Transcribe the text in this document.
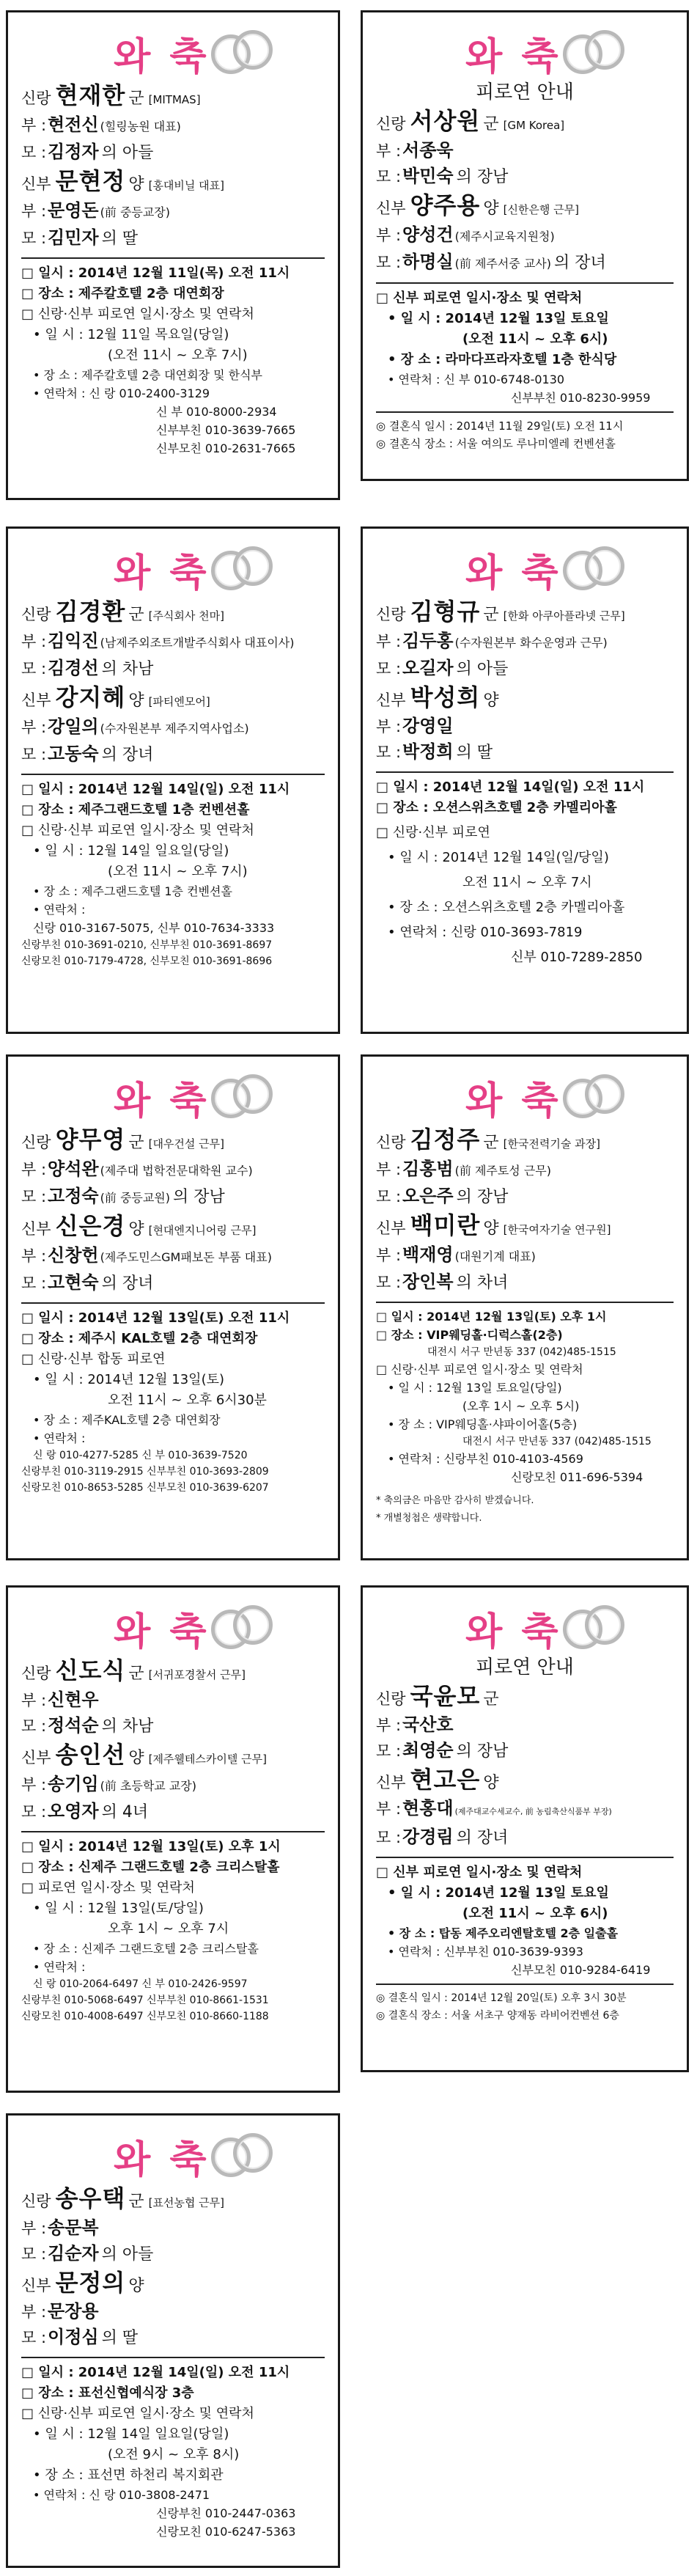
와 축
신랑 현재한 군 [MITMAS]
부 :현전신 (힐링농원 대표)
모 :김정자 의 아들
신부 문현정 양 [홍대비닐 대표]
부 :문영돈 (前 중등교장)
모 :김민자 의 딸
□ 일시 : 2014년 12월 11일(목) 오전 11시
□ 장소 : 제주칼호텔 2층 대연회장
□ 신랑·신부 피로연 일시·장소 및 연락처
• 일 시 : 12월 11일 목요일(당일)
(오전 11시 ~ 오후 7시)
• 장 소 : 제주칼호텔 2층 대연회장 및 한식부
• 연락처 : 신 랑 010-2400-3129
신 부 010-8000-2934
신부부친 010-3639-7665
신부모친 010-2631-7665
와 축
피로연 안내
신랑 서상원 군 [GM Korea]
부 :서종욱
모 :박민숙 의 장남
신부 양주용 양 [신한은행 근무]
부 :양성건 (제주시교육지원청)
모 :하명실 (前 제주서중 교사) 의 장녀
□ 신부 피로연 일시·장소 및 연락처
• 일 시 : 2014년 12월 13일 토요일
(오전 11시 ~ 오후 6시)
• 장 소 : 라마다프라자호텔 1층 한식당
• 연락처 : 신 부 010-6748-0130
신부부친 010-8230-9959
◎ 결혼식 일시 : 2014년 11월 29일(토) 오전 11시
◎ 결혼식 장소 : 서울 여의도 루나미엘레 컨벤션홀
와 축
신랑 김경환 군 [주식회사 천마]
부 :김익진 (남제주외조트개발주식회사 대표이사)
모 :김경선 의 차남
신부 강지혜 양 [파티엔모어]
부 :강일의 (수자원본부 제주지역사업소)
모 :고동숙 의 장녀
□ 일시 : 2014년 12월 14일(일) 오전 11시
□ 장소 : 제주그랜드호텔 1층 컨벤션홀
□ 신랑·신부 피로연 일시·장소 및 연락처
• 일 시 : 12월 14일 일요일(당일)
(오전 11시 ~ 오후 7시)
• 장 소 : 제주그랜드호텔 1층 컨벤션홀
• 연락처 :
신랑 010-3167-5075, 신부 010-7634-3333
신랑부친 010-3691-0210, 신부부친 010-3691-8697
신랑모친 010-7179-4728, 신부모친 010-3691-8696
와 축
신랑 김형규 군 [한화 아쿠아플라넷 근무]
부 :김두홍 (수자원본부 화수운영과 근무)
모 :오길자 의 아들
신부 박성희 양
부 :강영일
모 :박정희 의 딸
□ 일시 : 2014년 12월 14일(일) 오전 11시
□ 장소 : 오션스위츠호텔 2층 카멜리아홀
□ 신랑·신부 피로연
• 일 시 : 2014년 12월 14일(일/당일)
오전 11시 ~ 오후 7시
• 장 소 : 오션스위츠호텔 2층 카멜리아홀
• 연락처 : 신랑 010-3693-7819
신부 010-7289-2850
와 축
신랑 양무영 군 [대우건설 근무]
부 :양석완 (제주대 법학전문대학원 교수)
모 :고정숙 (前 중등교원) 의 장남
신부 신은경 양 [현대엔지니어링 근무]
부 :신창헌 (제주도민스GM패보돈 부품 대표)
모 :고현숙 의 장녀
□ 일시 : 2014년 12월 13일(토) 오전 11시
□ 장소 : 제주시 KAL호텔 2층 대연회장
□ 신랑·신부 합동 피로연
• 일 시 : 2014년 12월 13일(토)
오전 11시 ~ 오후 6시30분
• 장 소 : 제주KAL호텔 2층 대연회장
• 연락처 :
신 랑 010-4277-5285 신 부 010-3639-7520
신랑부친 010-3119-2915 신부부친 010-3693-2809
신랑모친 010-8653-5285 신부모친 010-3639-6207
와 축
신랑 김정주 군 [한국전력기술 과장]
부 :김홍범 (前 제주토성 근무)
모 :오은주 의 장남
신부 백미란 양 [한국여자기술 연구원]
부 :백재영 (대원기계 대표)
모 :장인복 의 차녀
□ 일시 : 2014년 12월 13일(토) 오후 1시
□ 장소 : VIP웨딩홀·디럭스홀(2층)
대전시 서구 만년동 337 (042)485-1515
□ 신랑·신부 피로연 일시·장소 및 연락처
• 일 시 : 12월 13일 토요일(당일)
(오후 1시 ~ 오후 5시)
• 장 소 : VIP웨딩홀·샤파이어홀(5층)
대전시 서구 만년동 337 (042)485-1515
• 연락처 : 신랑부친 010-4103-4569
신랑모친 011-696-5394
* 축의금은 마음만 감사히 받겠습니다.
* 개별청첩은 생략합니다.
와 축
신랑 신도식 군 [서귀포경찰서 근무]
부 :신현우
모 :정석순 의 차남
신부 송인선 양 [제주웰테스카이텔 근무]
부 :송기임 (前 초등학교 교장)
모 :오영자 의 4녀
□ 일시 : 2014년 12월 13일(토) 오후 1시
□ 장소 : 신제주 그랜드호텔 2층 크리스탈홀
□ 피로연 일시·장소 및 연락처
• 일 시 : 12월 13일(토/당일)
오후 1시 ~ 오후 7시
• 장 소 : 신제주 그랜드호텔 2층 크리스탈홀
• 연락처 :
신 랑 010-2064-6497 신 부 010-2426-9597
신랑부친 010-5068-6497 신부부친 010-8661-1531
신랑모친 010-4008-6497 신부모친 010-8660-1188
와 축
피로연 안내
신랑 국윤모 군
부 :국산호
모 :최영순 의 장남
신부 현고은 양
부 :현홍대 (제주대교수세교수, 前 농림축산식품부 부장)
모 :강경림 의 장녀
□ 신부 피로연 일시·장소 및 연락처
• 일 시 : 2014년 12월 13일 토요일
(오전 11시 ~ 오후 6시)
• 장 소 : 탑동 제주오리엔탈호텔 2층 일출홀
• 연락처 : 신부부친 010-3639-9393
신부모친 010-9284-6419
◎ 결혼식 일시 : 2014년 12월 20일(토) 오후 3시 30분
◎ 결혼식 장소 : 서울 서초구 양재동 라비어컨벤션 6층
와 축
신랑 송우택 군 [표선농협 근무]
부 :송문복
모 :김순자 의 아들
신부 문정의 양
부 :문장용
모 :이정심 의 딸
□ 일시 : 2014년 12월 14일(일) 오전 11시
□ 장소 : 표선신협예식장 3층
□ 신랑·신부 피로연 일시·장소 및 연락처
• 일 시 : 12월 14일 일요일(당일)
(오전 9시 ~ 오후 8시)
• 장 소 : 표선면 하천리 복지회관
• 연락처 : 신 랑 010-3808-2471
신랑부친 010-2447-0363
신랑모친 010-6247-5363
